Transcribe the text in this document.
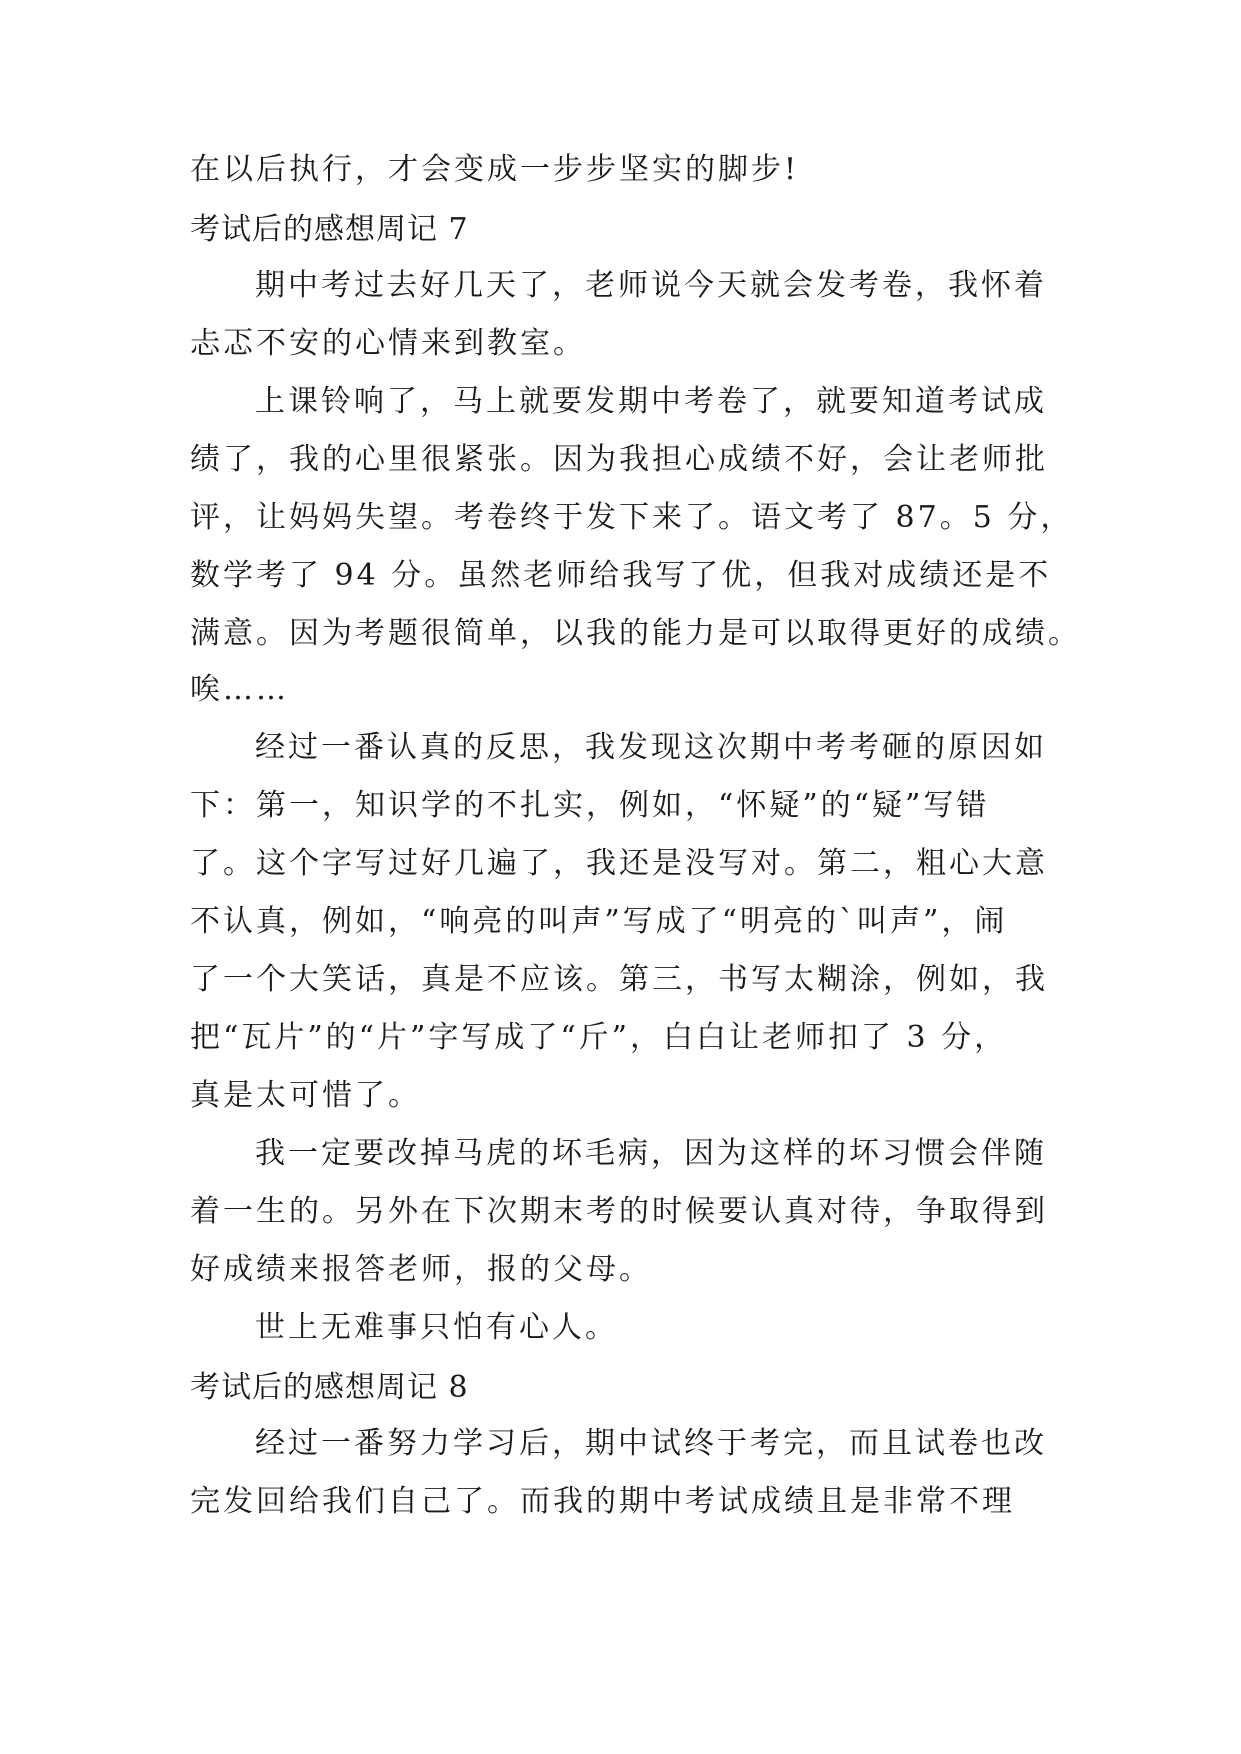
在以后执行，才会变成一步步坚实的脚步!
考试后的感想周记 7
期中考过去好几天了，老师说今天就会发考卷，我怀着
忐忑不安的心情来到教室。
上课铃响了，马上就要发期中考卷了，就要知道考试成
绩了，我的心里很紧张。因为我担心成绩不好，会让老师批
评，让妈妈失望。考卷终于发下来了。语文考了 87。5 分，
数学考了 94 分。虽然老师给我写了优，但我对成绩还是不
满意。因为考题很简单，以我的能力是可以取得更好的成绩。
唉……
经过一番认真的反思，我发现这次期中考考砸的原因如
下：第一，知识学的不扎实，例如，“怀疑”的“疑”写错
了。这个字写过好几遍了，我还是没写对。第二，粗心大意
不认真，例如，“响亮的叫声”写成了“明亮的`叫声”，闹
了一个大笑话，真是不应该。第三，书写太糊涂，例如，我
把“瓦片”的“片”字写成了“斤”，白白让老师扣了 3 分，
真是太可惜了。
我一定要改掉马虎的坏毛病，因为这样的坏习惯会伴随
着一生的。另外在下次期末考的时候要认真对待，争取得到
好成绩来报答老师，报的父母。
世上无难事只怕有心人。
考试后的感想周记 8
经过一番努力学习后，期中试终于考完，而且试卷也改
完发回给我们自己了。而我的期中考试成绩且是非常不理
